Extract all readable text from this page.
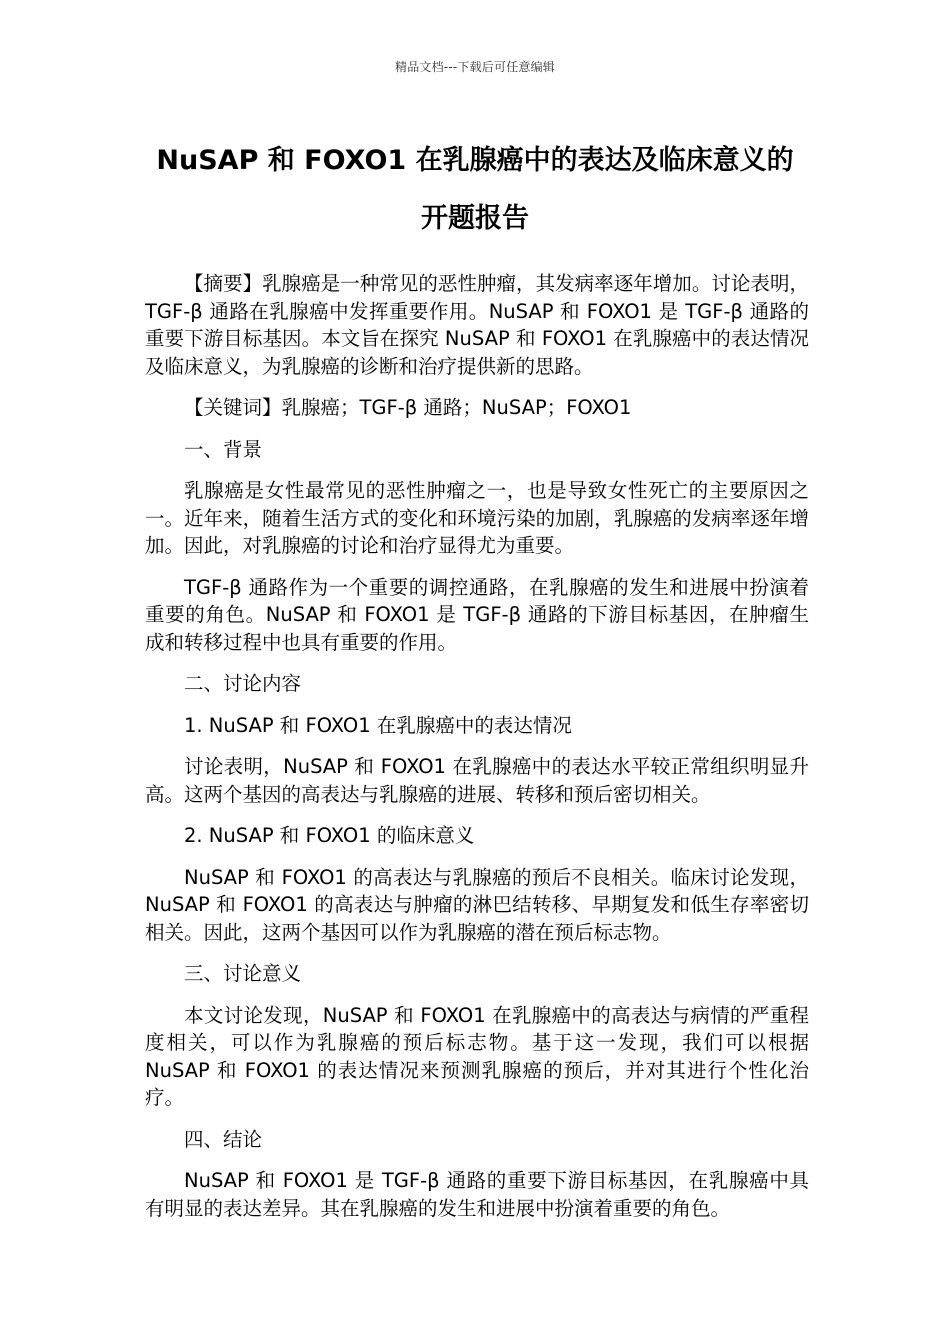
精品文档---下载后可任意编辑
NuSAP 和 FOXO1 在乳腺癌中的表达及临床意义的
开题报告

【摘要】乳腺癌是一种常见的恶性肿瘤，其发病率逐年增加。讨论表明，TGF-β 通路在乳腺癌中发挥重要作用。NuSAP 和 FOXO1 是 TGF-β 通路的重要下游目标基因。本文旨在探究 NuSAP 和 FOXO1 在乳腺癌中的表达情况及临床意义，为乳腺癌的诊断和治疗提供新的思路。

【关键词】乳腺癌；TGF-β 通路；NuSAP；FOXO1

一、背景

乳腺癌是女性最常见的恶性肿瘤之一，也是导致女性死亡的主要原因之一。近年来，随着生活方式的变化和环境污染的加剧，乳腺癌的发病率逐年增加。因此，对乳腺癌的讨论和治疗显得尤为重要。

TGF-β 通路作为一个重要的调控通路，在乳腺癌的发生和进展中扮演着重要的角色。NuSAP 和 FOXO1 是 TGF-β 通路的下游目标基因，在肿瘤生成和转移过程中也具有重要的作用。

二、讨论内容

1. NuSAP 和 FOXO1 在乳腺癌中的表达情况

讨论表明，NuSAP 和 FOXO1 在乳腺癌中的表达水平较正常组织明显升高。这两个基因的高表达与乳腺癌的进展、转移和预后密切相关。

2. NuSAP 和 FOXO1 的临床意义

NuSAP 和 FOXO1 的高表达与乳腺癌的预后不良相关。临床讨论发现，NuSAP 和 FOXO1 的高表达与肿瘤的淋巴结转移、早期复发和低生存率密切相关。因此，这两个基因可以作为乳腺癌的潜在预后标志物。

三、讨论意义

本文讨论发现，NuSAP 和 FOXO1 在乳腺癌中的高表达与病情的严重程度相关，可以作为乳腺癌的预后标志物。基于这一发现，我们可以根据 NuSAP 和 FOXO1 的表达情况来预测乳腺癌的预后，并对其进行个性化治疗。

四、结论

NuSAP 和 FOXO1 是 TGF-β 通路的重要下游目标基因，在乳腺癌中具有明显的表达差异。其在乳腺癌的发生和进展中扮演着重要的角色。
